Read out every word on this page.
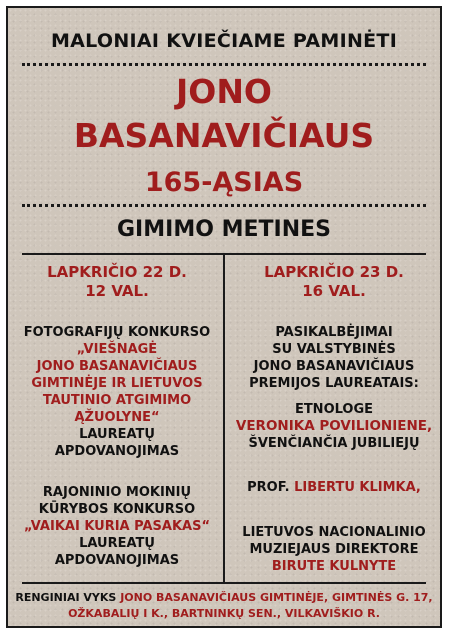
MALONIAI KVIEČIAME PAMINĖTI
JONO
BASANAVIČIAUS
165-ĄSIAS
GIMIMO METINES

LAPKRIČIO 22 D.

12 VAL.

FOTOGRAFIJŲ KONKURSO

„VIEŠNAGĖ

JONO BASANAVIČIAUS

GIMTINĖJE IR LIETUVOS

TAUTINIO ATGIMIMO

ĄŽUOLYNE“

LAUREATŲ

APDOVANOJIMAS

RAJONINIO MOKINIŲ

KŪRYBOS KONKURSO

„VAIKAI KURIA PASAKAS“

LAUREATŲ

APDOVANOJIMAS

LAPKRIČIO 23 D.

16 VAL.

PASIKALBĖJIMAI

SU VALSTYBINĖS

JONO BASANAVIČIAUS

PREMIJOS LAUREATAIS:

ETNOLOGE

VERONIKA POVILIONIENE,

ŠVENČIANČIA JUBILIEJŲ

PROF. LIBERTU KLIMKA,

LIETUVOS NACIONALINIO

MUZIEJAUS DIREKTORE

BIRUTE KULNYTE

RENGINIAI VYKS JONO BASANAVIČIAUS GIMTINĖJE, GIMTINĖS G. 17,

OŽKABALIŲ I K., BARTNINKŲ SEN., VILKAVIŠKIO R.
